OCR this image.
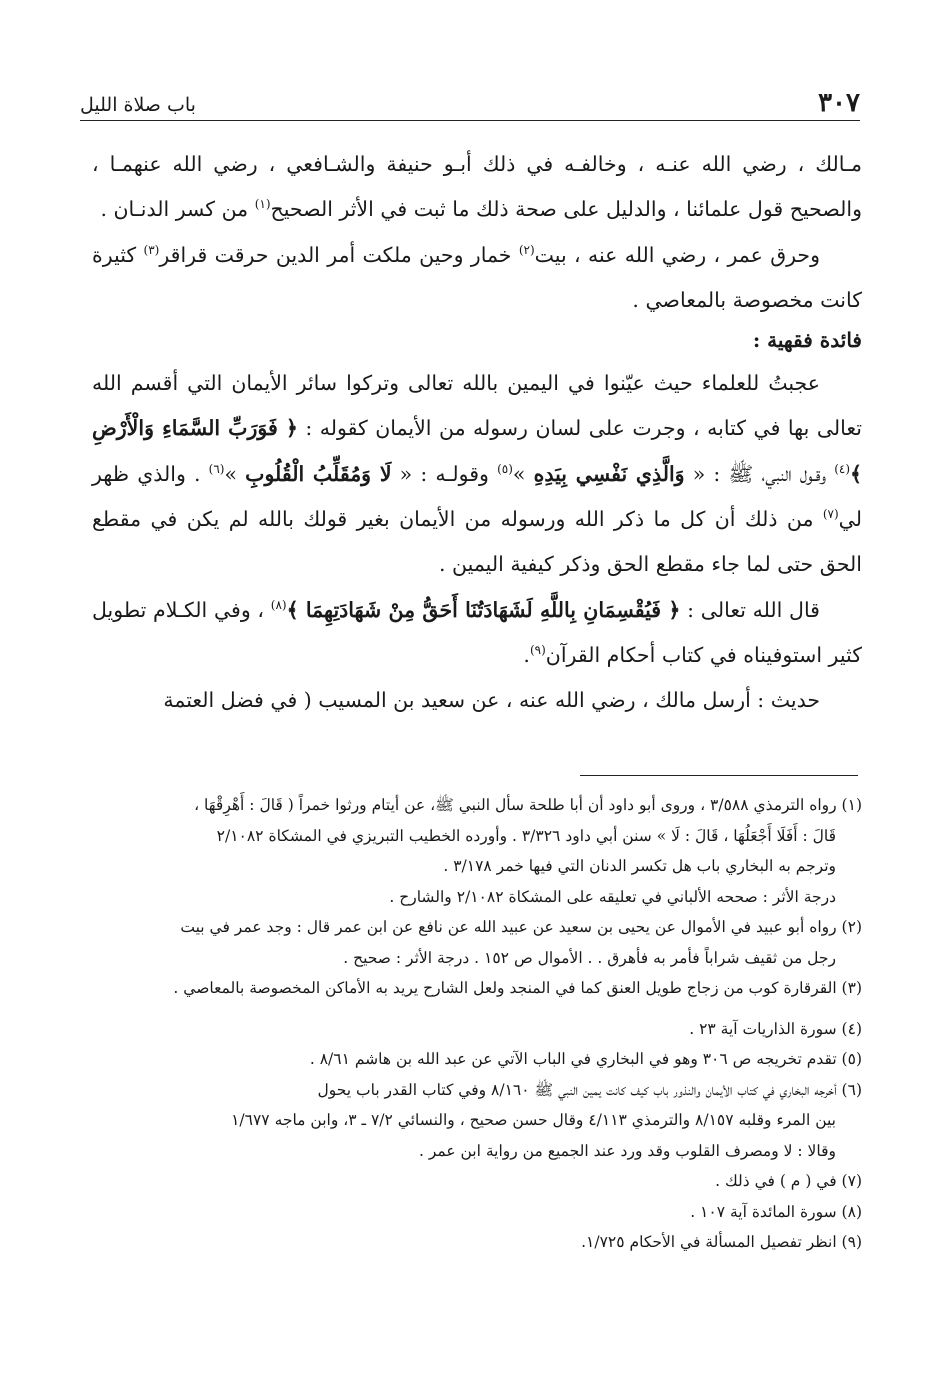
٣٠٧
باب صلاة الليل

مـالك ، رضي الله عنـه ، وخالفـه في ذلك أبـو حنيفة والشـافعي ، رضي الله عنهمـا ، والصحيح قول علمائنا ، والدليل على صحة ذلك ما ثبت في الأثر الصحيح$^{(١)}$ من كسر الدنـان .

وحرق عمر ، رضي الله عنه ، بيت$^{(٢)}$ خمار وحين ملكت أمر الدين حرقت قراقر$^{(٣)}$ كثيرة كانت مخصوصة بالمعاصي .

فائدة فقهية :

عجبتُ للعلماء حيث عيّنوا في اليمين بالله تعالى وتركوا سائر الأيمان التي أقسم الله تعالى بها في كتابه ، وجرت على لسان رسوله من الأيمان كقوله : ﴿ فَوَرَبِّ السَّمَاءِ وَالْأَرْضِ ﴾$^{(٤)}$ وقـول النبي، ﷺ : « وَالَّذِي نَفْسِي بِيَدِهِ »$^{(٥)}$ وقولـه : « لَا وَمُقَلِّبُ الْقُلُوبِ »$^{(٦)}$ . والذي ظهر لي$^{(٧)}$ من ذلك أن كل ما ذكر الله ورسوله من الأيمان بغير قولك بالله لم يكن في مقطع الحق حتى لما جاء مقطع الحق وذكر كيفية اليمين .

قال الله تعالى : ﴿ فَيُقْسِمَانِ بِاللَّهِ لَشَهَادَتُنَا أَحَقُّ مِنْ شَهَادَتِهِمَا ﴾$^{(٨)}$ ، وفي الكـلام تطويل كثير استوفيناه في كتاب أحكام القرآن$^{(٩)}$.

حديث : أرسل مالك ، رضي الله عنه ، عن سعيد بن المسيب ( في فضل العتمة

(١) رواه الترمذي ٣/٥٨٨ ، وروى أبو داود أن أبا طلحة سأل النبي ﷺ، عن أيتام ورثوا خمراً ( قَالَ : أَهْرِقْهَا ،

قَالَ : أَفَلَا أَجْعَلُهَا ، قَالَ : لَا » سنن أبي داود ٣/٣٢٦ . وأورده الخطيب التبريزي في المشكاة ٢/١٠٨٢

وترجم به البخاري باب هل تكسر الدنان التي فيها خمر ٣/١٧٨ .

درجة الأثر : صححه الألباني في تعليقه على المشكاة ٢/١٠٨٢ والشارح .

(٢) رواه أبو عبيد في الأموال عن يحيى بن سعيد عن عبيد الله عن نافع عن ابن عمر قال : وجد عمر في بيت

رجل من ثقيف شراباً فأمر به فأهرق . . الأموال ص ١٥٢ . درجة الأثر : صحيح .

(٣) القرقارة كوب من زجاج طويل العنق كما في المنجد ولعل الشارح يريد به الأماكن المخصوصة بالمعاصي .

(٤) سورة الذاريات آية ٢٣ .

(٥) تقدم تخريجه ص ٣٠٦ وهو في البخاري في الباب الآتي عن عبد الله بن هاشم ٨/٦١ .

(٦) أخرجه البخاري في كتاب الأيمان والنذور باب كيف كانت يمين النبي ﷺ ٨/١٦٠ وفي كتاب القدر باب يحول

بين المرء وقلبه ٨/١٥٧ والترمذي ٤/١١٣ وقال حسن صحيح ، والنسائي ٧/٢ ـ ٣، وابن ماجه ١/٦٧٧

وقالا : لا ومصرف القلوب وقد ورد عند الجميع من رواية ابن عمر .

(٧) في ( م ) في ذلك .

(٨) سورة المائدة آية ١٠٧ .

(٩) انظر تفصيل المسألة في الأحكام ١/٧٢٥.
